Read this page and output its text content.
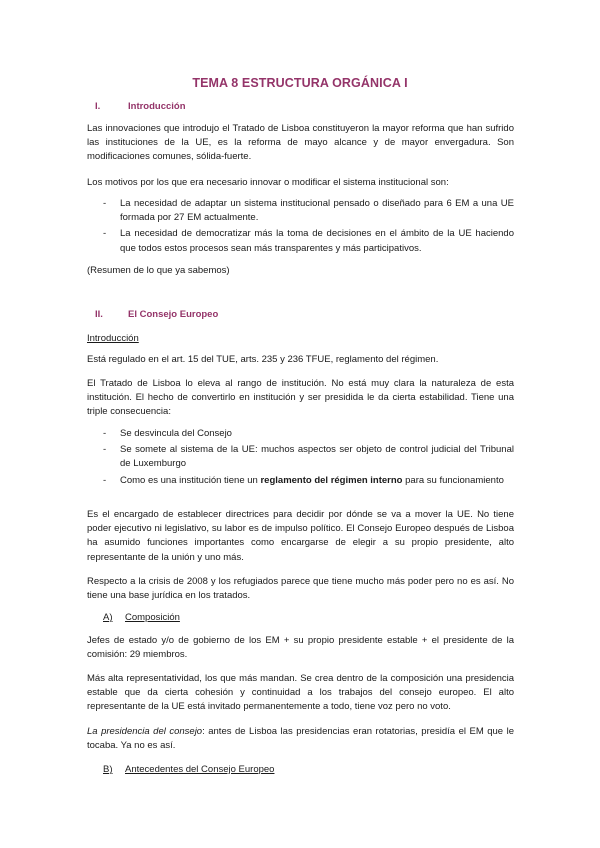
TEMA 8 ESTRUCTURA ORGÁNICA I
I.	Introducción

Las innovaciones que introdujo el Tratado de Lisboa constituyeron la mayor reforma que han sufrido las instituciones de la UE, es la reforma de mayo alcance y de mayor envergadura. Son modificaciones comunes, sólida-fuerte.

Los motivos por los que era necesario innovar o modificar el sistema institucional son:

- La necesidad de adaptar un sistema institucional pensado o diseñado para 6 EM a una UE formada por 27 EM actualmente.
- La necesidad de democratizar más la toma de decisiones en el ámbito de la UE haciendo que todos estos procesos sean más transparentes y más participativos.

(Resumen de lo que ya sabemos)

II.	El Consejo Europeo

Introducción

Está regulado en el art. 15 del TUE, arts. 235 y 236 TFUE, reglamento del régimen.

El Tratado de Lisboa lo eleva al rango de institución. No está muy clara la naturaleza de esta institución. El hecho de convertirlo en institución y ser presidida le da cierta estabilidad. Tiene una triple consecuencia:

- Se desvincula del Consejo
- Se somete al sistema de la UE: muchos aspectos ser objeto de control judicial del Tribunal de Luxemburgo
- Como es una institución tiene un reglamento del régimen interno para su funcionamiento

Es el encargado de establecer directrices para decidir por dónde se va a mover la UE. No tiene poder ejecutivo ni legislativo, su labor es de impulso político. El Consejo Europeo después de Lisboa ha asumido funciones importantes como encargarse de elegir a su propio presidente, alto representante de la unión y uno más.

Respecto a la crisis de 2008 y los refugiados parece que tiene mucho más poder pero no es así. No tiene una base jurídica en los tratados.

A) Composición

Jefes de estado y/o de gobierno de los EM + su propio presidente estable + el presidente de la comisión: 29 miembros.

Más alta representatividad, los que más mandan. Se crea dentro de la composición una presidencia estable que da cierta cohesión y continuidad a los trabajos del consejo europeo. El alto representante de la UE está invitado permanentemente a todo, tiene voz pero no voto.

La presidencia del consejo: antes de Lisboa las presidencias eran rotatorias, presidía el EM que le tocaba. Ya no es así.

B) Antecedentes del Consejo Europeo
